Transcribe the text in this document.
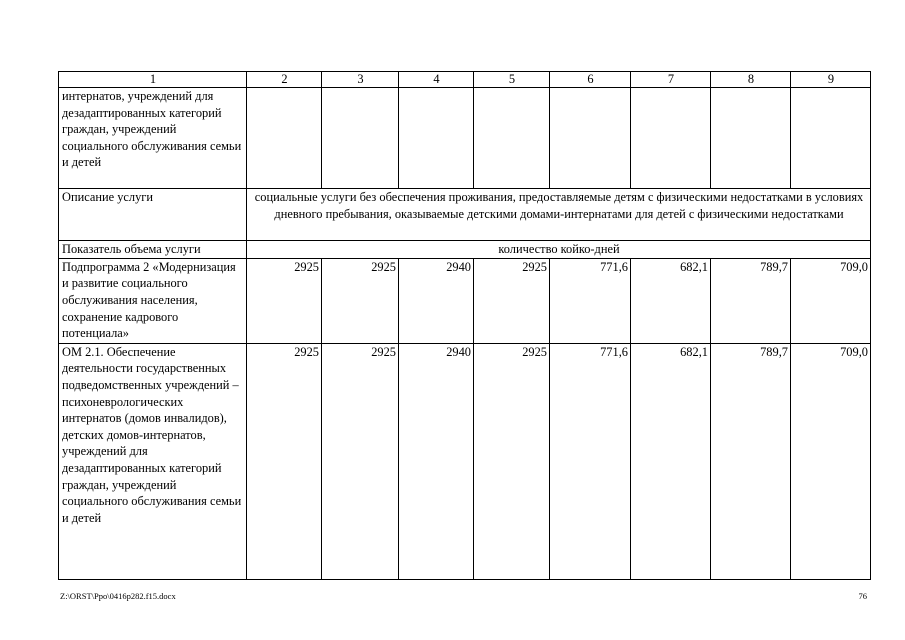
1	2	3	4	5	6	7	8	9
интернатов, учреждений для дезадаптированных категорий граждан, учреждений социального обслуживания семьи и детей								
Описание услуги	социальные услуги без обеспечения проживания, предоставляемые детям с физическими недостатками в условиях дневного пребывания, оказываемые детскими домами-интернатами для детей с физическими недостатками							
Показатель объема услуги	количество койко-дней							
Подпрограмма 2 «Модернизация и развитие социального обслуживания населения, сохранение кадрового потенциала»	2925	2925	2940	2925	771,6	682,1	789,7	709,0
ОМ 2.1. Обеспечение деятельности государственных подведомственных учреждений – психоневрологических интернатов (домов инвалидов), детских домов-интернатов, учреждений для дезадаптированных категорий граждан, учреждений социального обслуживания семьи и детей	2925	2925	2940	2925	771,6	682,1	789,7	709,0
Z:\ORST\Ppo\0416p282.f15.docx	76
